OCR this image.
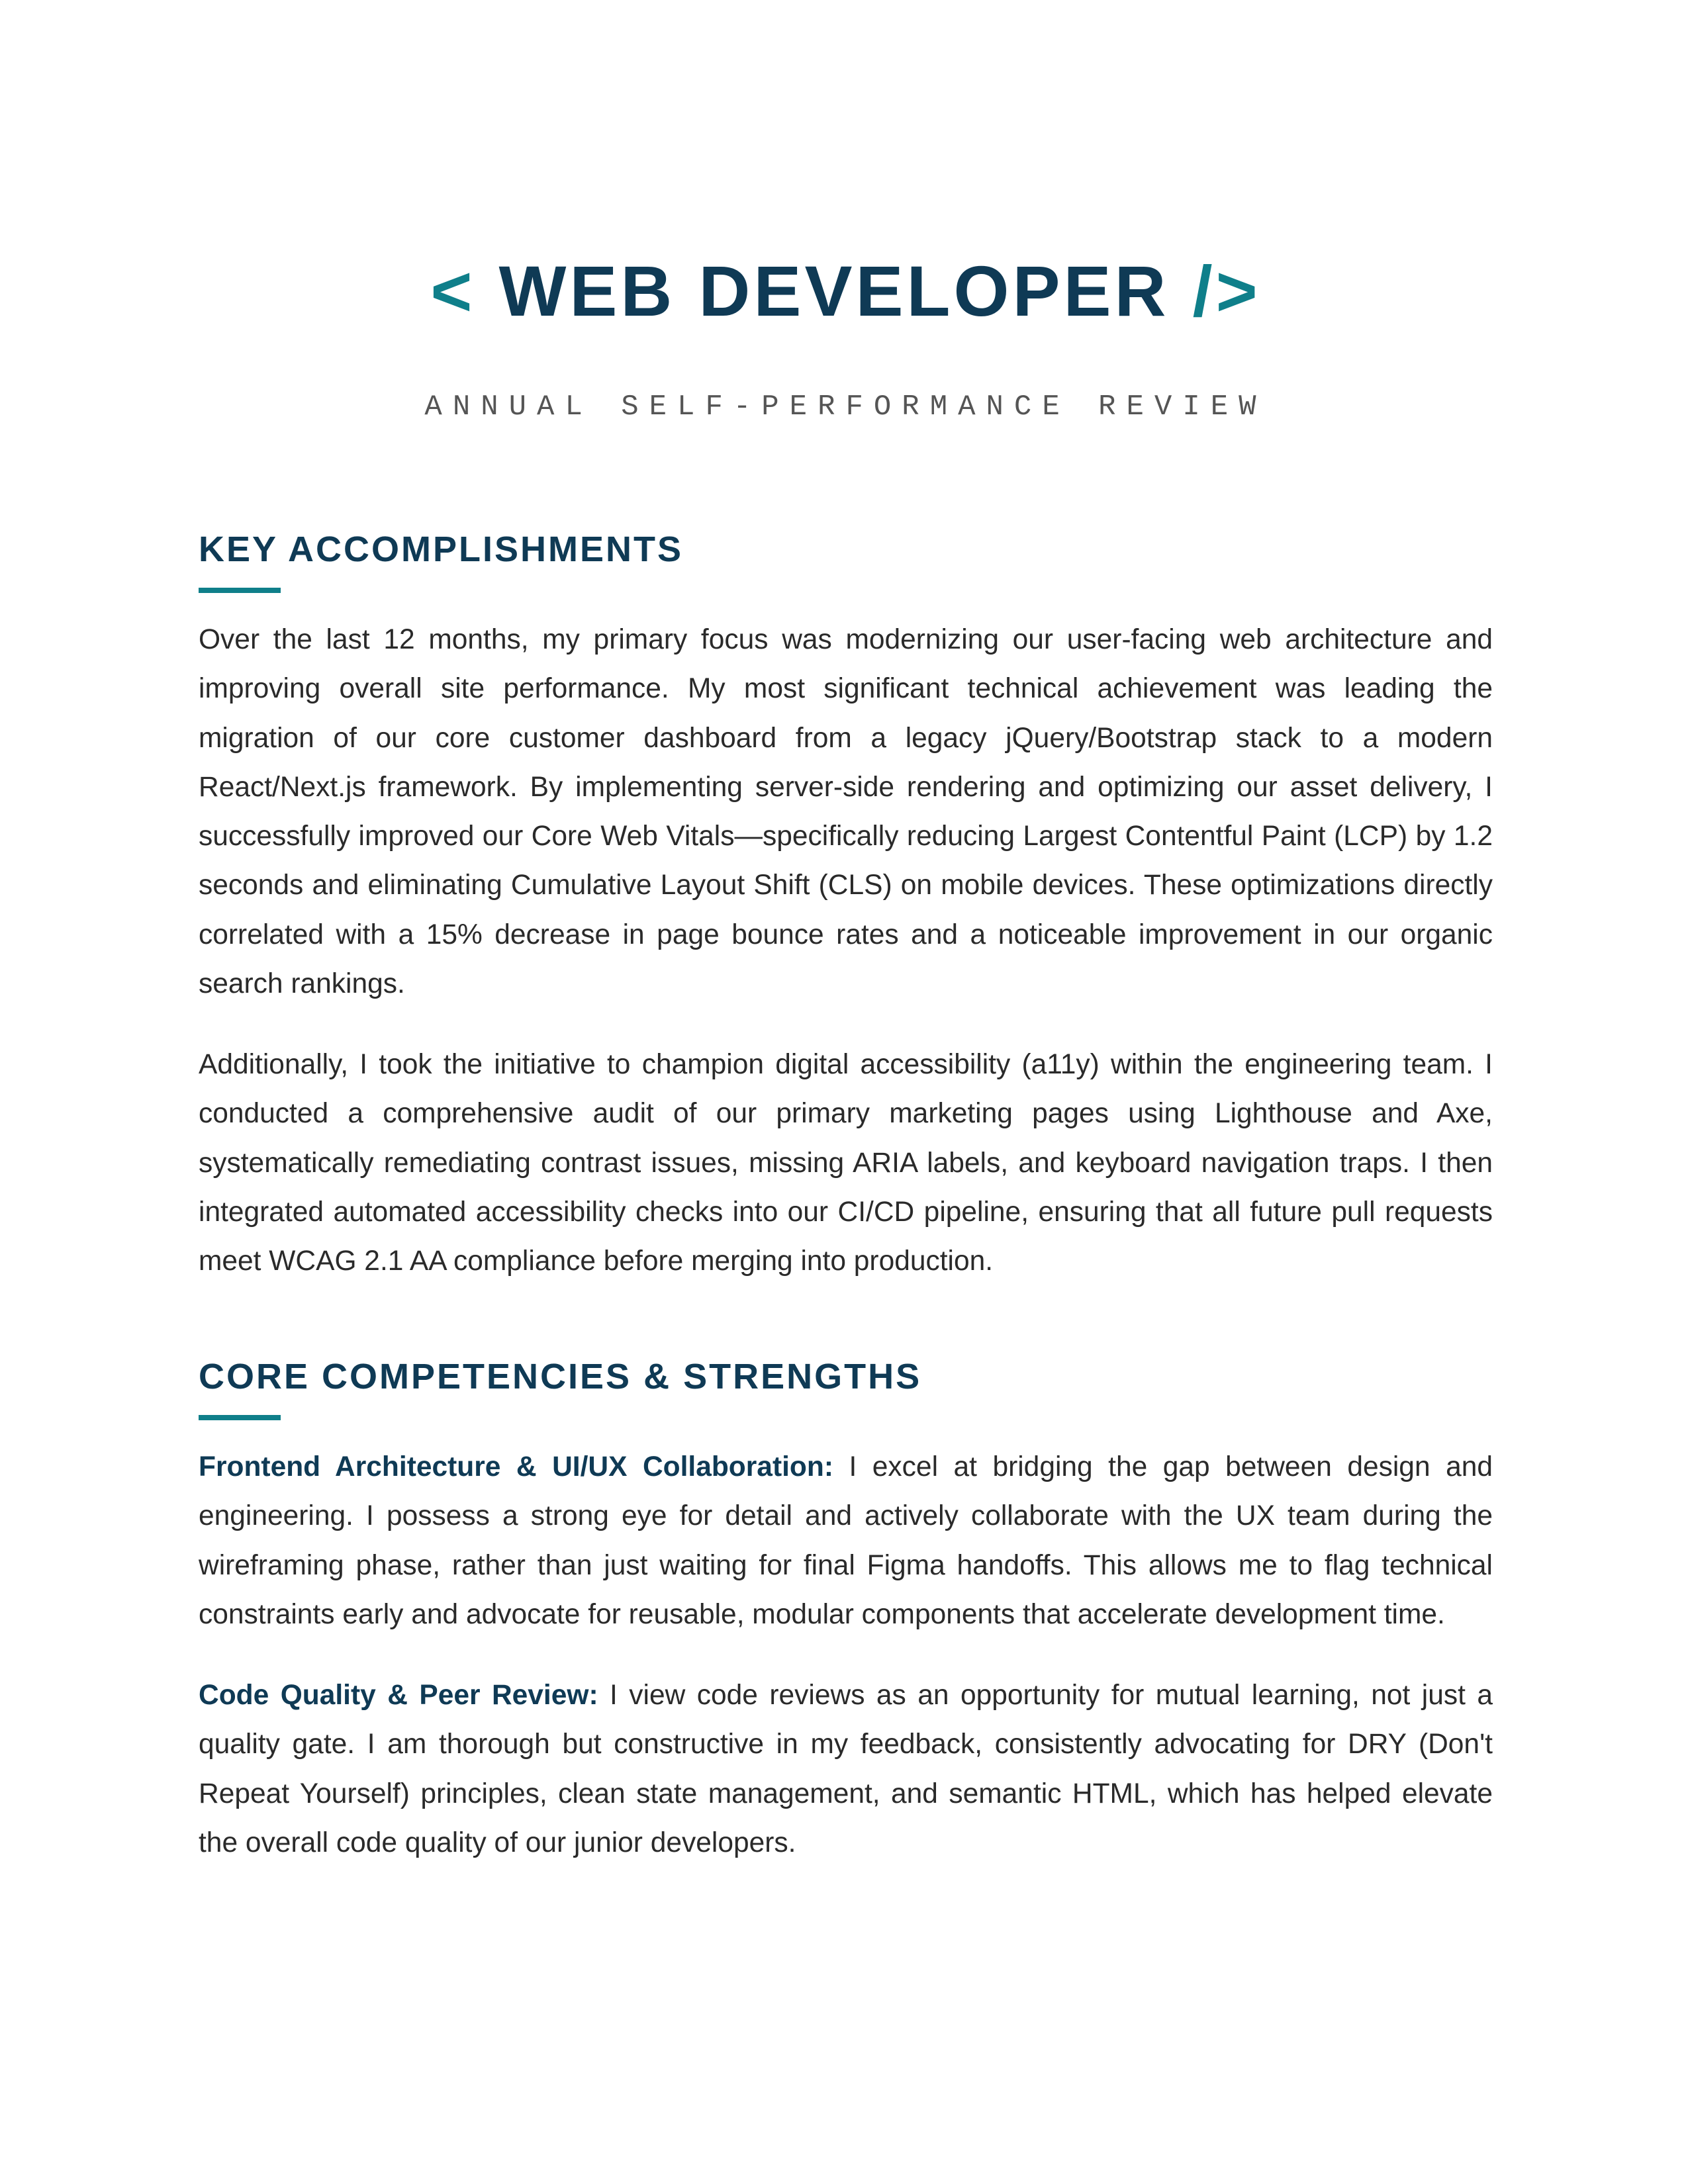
< WEB DEVELOPER />
ANNUAL SELF-PERFORMANCE REVIEW
KEY ACCOMPLISHMENTS

Over the last 12 months, my primary focus was modernizing our user-facing web architecture and improving overall site performance. My most significant technical achievement was leading the migration of our core customer dashboard from a legacy jQuery/Bootstrap stack to a modern React/Next.js framework. By implementing server-side rendering and optimizing our asset delivery, I successfully improved our Core Web Vitals—specifically reducing Largest Contentful Paint (LCP) by 1.2 seconds and eliminating Cumulative Layout Shift (CLS) on mobile devices. These optimizations directly correlated with a 15% decrease in page bounce rates and a noticeable improvement in our organic search rankings.

Additionally, I took the initiative to champion digital accessibility (a11y) within the engineering team. I conducted a comprehensive audit of our primary marketing pages using Lighthouse and Axe, systematically remediating contrast issues, missing ARIA labels, and keyboard navigation traps. I then integrated automated accessibility checks into our CI/CD pipeline, ensuring that all future pull requests meet WCAG 2.1 AA compliance before merging into production.

CORE COMPETENCIES & STRENGTHS

Frontend Architecture & UI/UX Collaboration: I excel at bridging the gap between design and engineering. I possess a strong eye for detail and actively collaborate with the UX team during the wireframing phase, rather than just waiting for final Figma handoffs. This allows me to flag technical constraints early and advocate for reusable, modular components that accelerate development time.

Code Quality & Peer Review: I view code reviews as an opportunity for mutual learning, not just a quality gate. I am thorough but constructive in my feedback, consistently advocating for DRY (Don't Repeat Yourself) principles, clean state management, and semantic HTML, which has helped elevate the overall code quality of our junior developers.
